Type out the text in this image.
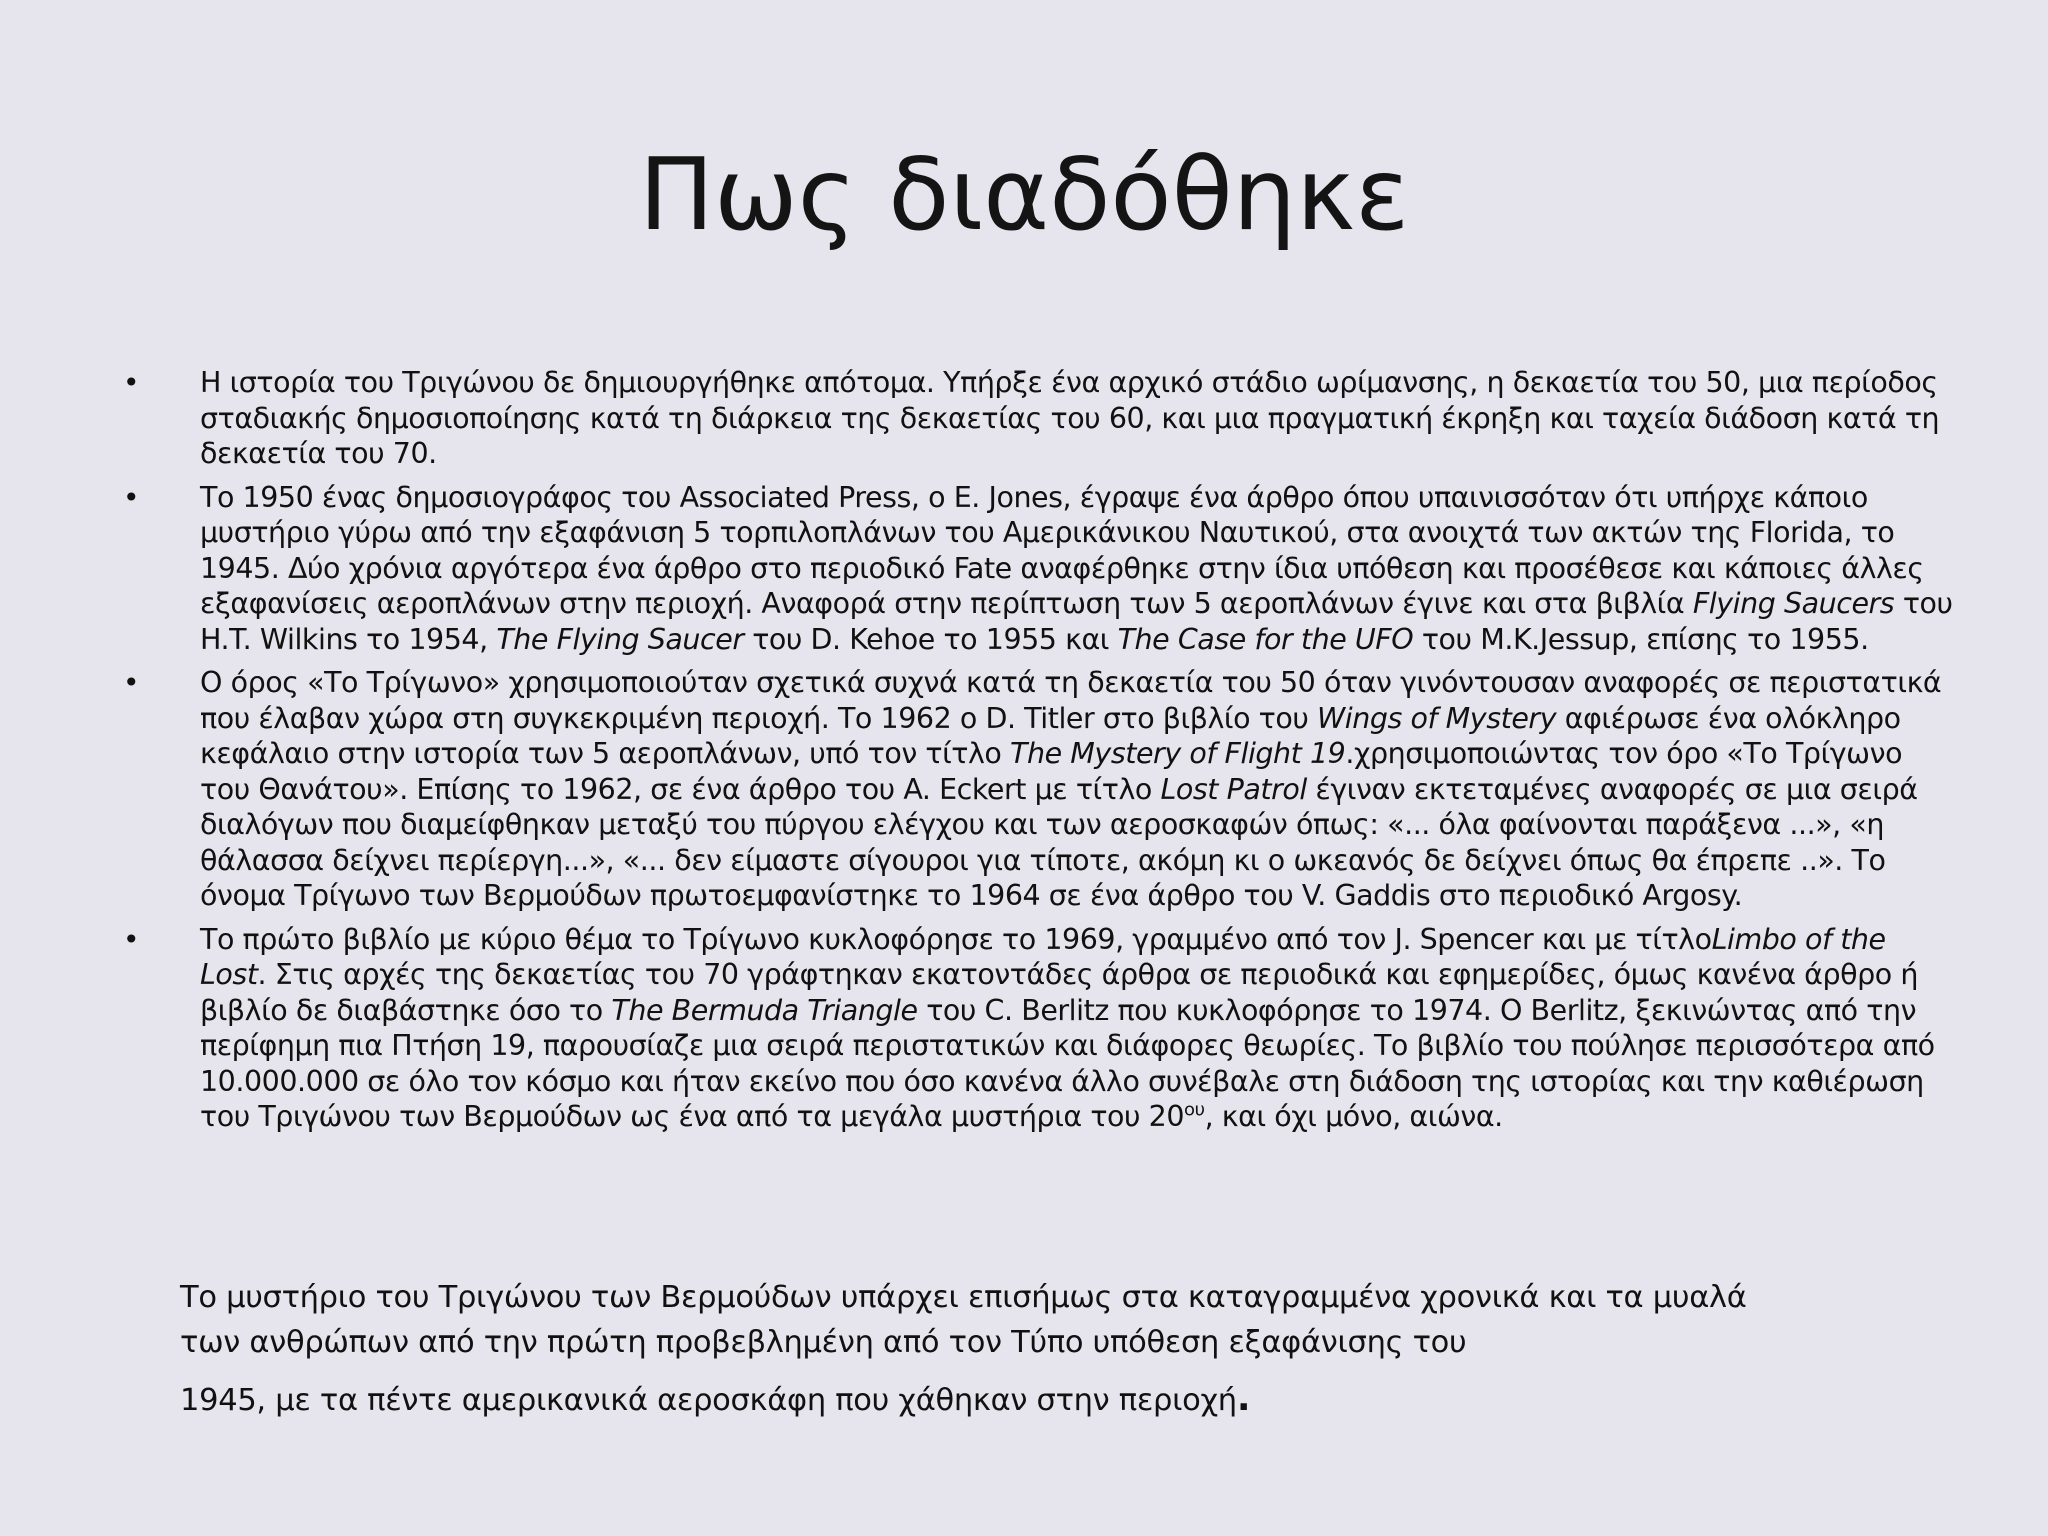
Πως διαδόθηκε
• Η ιστορία του Τριγώνου δε δημιουργήθηκε απότομα. Υπήρξε ένα αρχικό στάδιο ωρίμανσης, η δεκαετία του 50, μια περίοδος σταδιακής δημοσιοποίησης κατά τη διάρκεια της δεκαετίας του 60, και μια πραγματική έκρηξη και ταχεία διάδοση κατά τη δεκαετία του 70.
• Το 1950 ένας δημοσιογράφος του Associated Press, ο E. Jones, έγραψε ένα άρθρο όπου υπαινισσόταν ότι υπήρχε κάποιο μυστήριο γύρω από την εξαφάνιση 5 τορπιλοπλάνων του Αμερικάνικου Ναυτικού, στα ανοιχτά των ακτών της Florida, το 1945. Δύο χρόνια αργότερα ένα άρθρο στο περιοδικό Fate αναφέρθηκε στην ίδια υπόθεση και προσέθεσε και κάποιες άλλες εξαφανίσεις αεροπλάνων στην περιοχή. Αναφορά στην περίπτωση των 5 αεροπλάνων έγινε και στα βιβλία Flying Saucers του H.T. Wilkins το 1954, The Flying Saucer του D. Kehoe το 1955 και The Case for the UFO του M.K.Jessup, επίσης το 1955.
• Ο όρος «Το Τρίγωνο» χρησιμοποιούταν σχετικά συχνά κατά τη δεκαετία του 50 όταν γινόντουσαν αναφορές σε περιστατικά που έλαβαν χώρα στη συγκεκριμένη περιοχή. Το 1962 ο D. Titler στο βιβλίο του Wings of Mystery αφιέρωσε ένα ολόκληρο κεφάλαιο στην ιστορία των 5 αεροπλάνων, υπό τον τίτλο The Mystery of Flight 19.χρησιμοποιώντας τον όρο «Το Τρίγωνο του Θανάτου». Επίσης το 1962, σε ένα άρθρο του A. Eckert με τίτλο Lost Patrol έγιναν εκτεταμένες αναφορές σε μια σειρά διαλόγων που διαμείφθηκαν μεταξύ του πύργου ελέγχου και των αεροσκαφών όπως: «... όλα φαίνονται παράξενα ...», «η θάλασσα δείχνει περίεργη...», «... δεν είμαστε σίγουροι για τίποτε, ακόμη κι ο ωκεανός δε δείχνει όπως θα έπρεπε ..». Το όνομα Τρίγωνο των Βερμούδων πρωτοεμφανίστηκε το 1964 σε ένα άρθρο του V. Gaddis στο περιοδικό Argosy.
• Το πρώτο βιβλίο με κύριο θέμα το Τρίγωνο κυκλοφόρησε το 1969, γραμμένο από τον J. Spencer και με τίτλοLimbo of the Lost. Στις αρχές της δεκαετίας του 70 γράφτηκαν εκατοντάδες άρθρα σε περιοδικά και εφημερίδες, όμως κανένα άρθρο ή βιβλίο δε διαβάστηκε όσο το The Bermuda Triangle του C. Berlitz που κυκλοφόρησε το 1974. Ο Berlitz, ξεκινώντας από την περίφημη πια Πτήση 19, παρουσίαζε μια σειρά περιστατικών και διάφορες θεωρίες. Το βιβλίο του πούλησε περισσότερα από 10.000.000 σε όλο τον κόσμο και ήταν εκείνο που όσο κανένα άλλο συνέβαλε στη διάδοση της ιστορίας και την καθιέρωση του Τριγώνου των Βερμούδων ως ένα από τα μεγάλα μυστήρια του $20^{o\upsilon}$, και όχι μόνο, αιώνα.

Το μυστήριο του Τριγώνου των Βερμούδων υπάρχει επισήμως στα καταγραμμένα χρονικά και τα μυαλά των ανθρώπων από την πρώτη προβεβλημένη από τον Τύπο υπόθεση εξαφάνισης του
1945, με τα πέντε αμερικανικά αεροσκάφη που χάθηκαν στην περιοχή.
